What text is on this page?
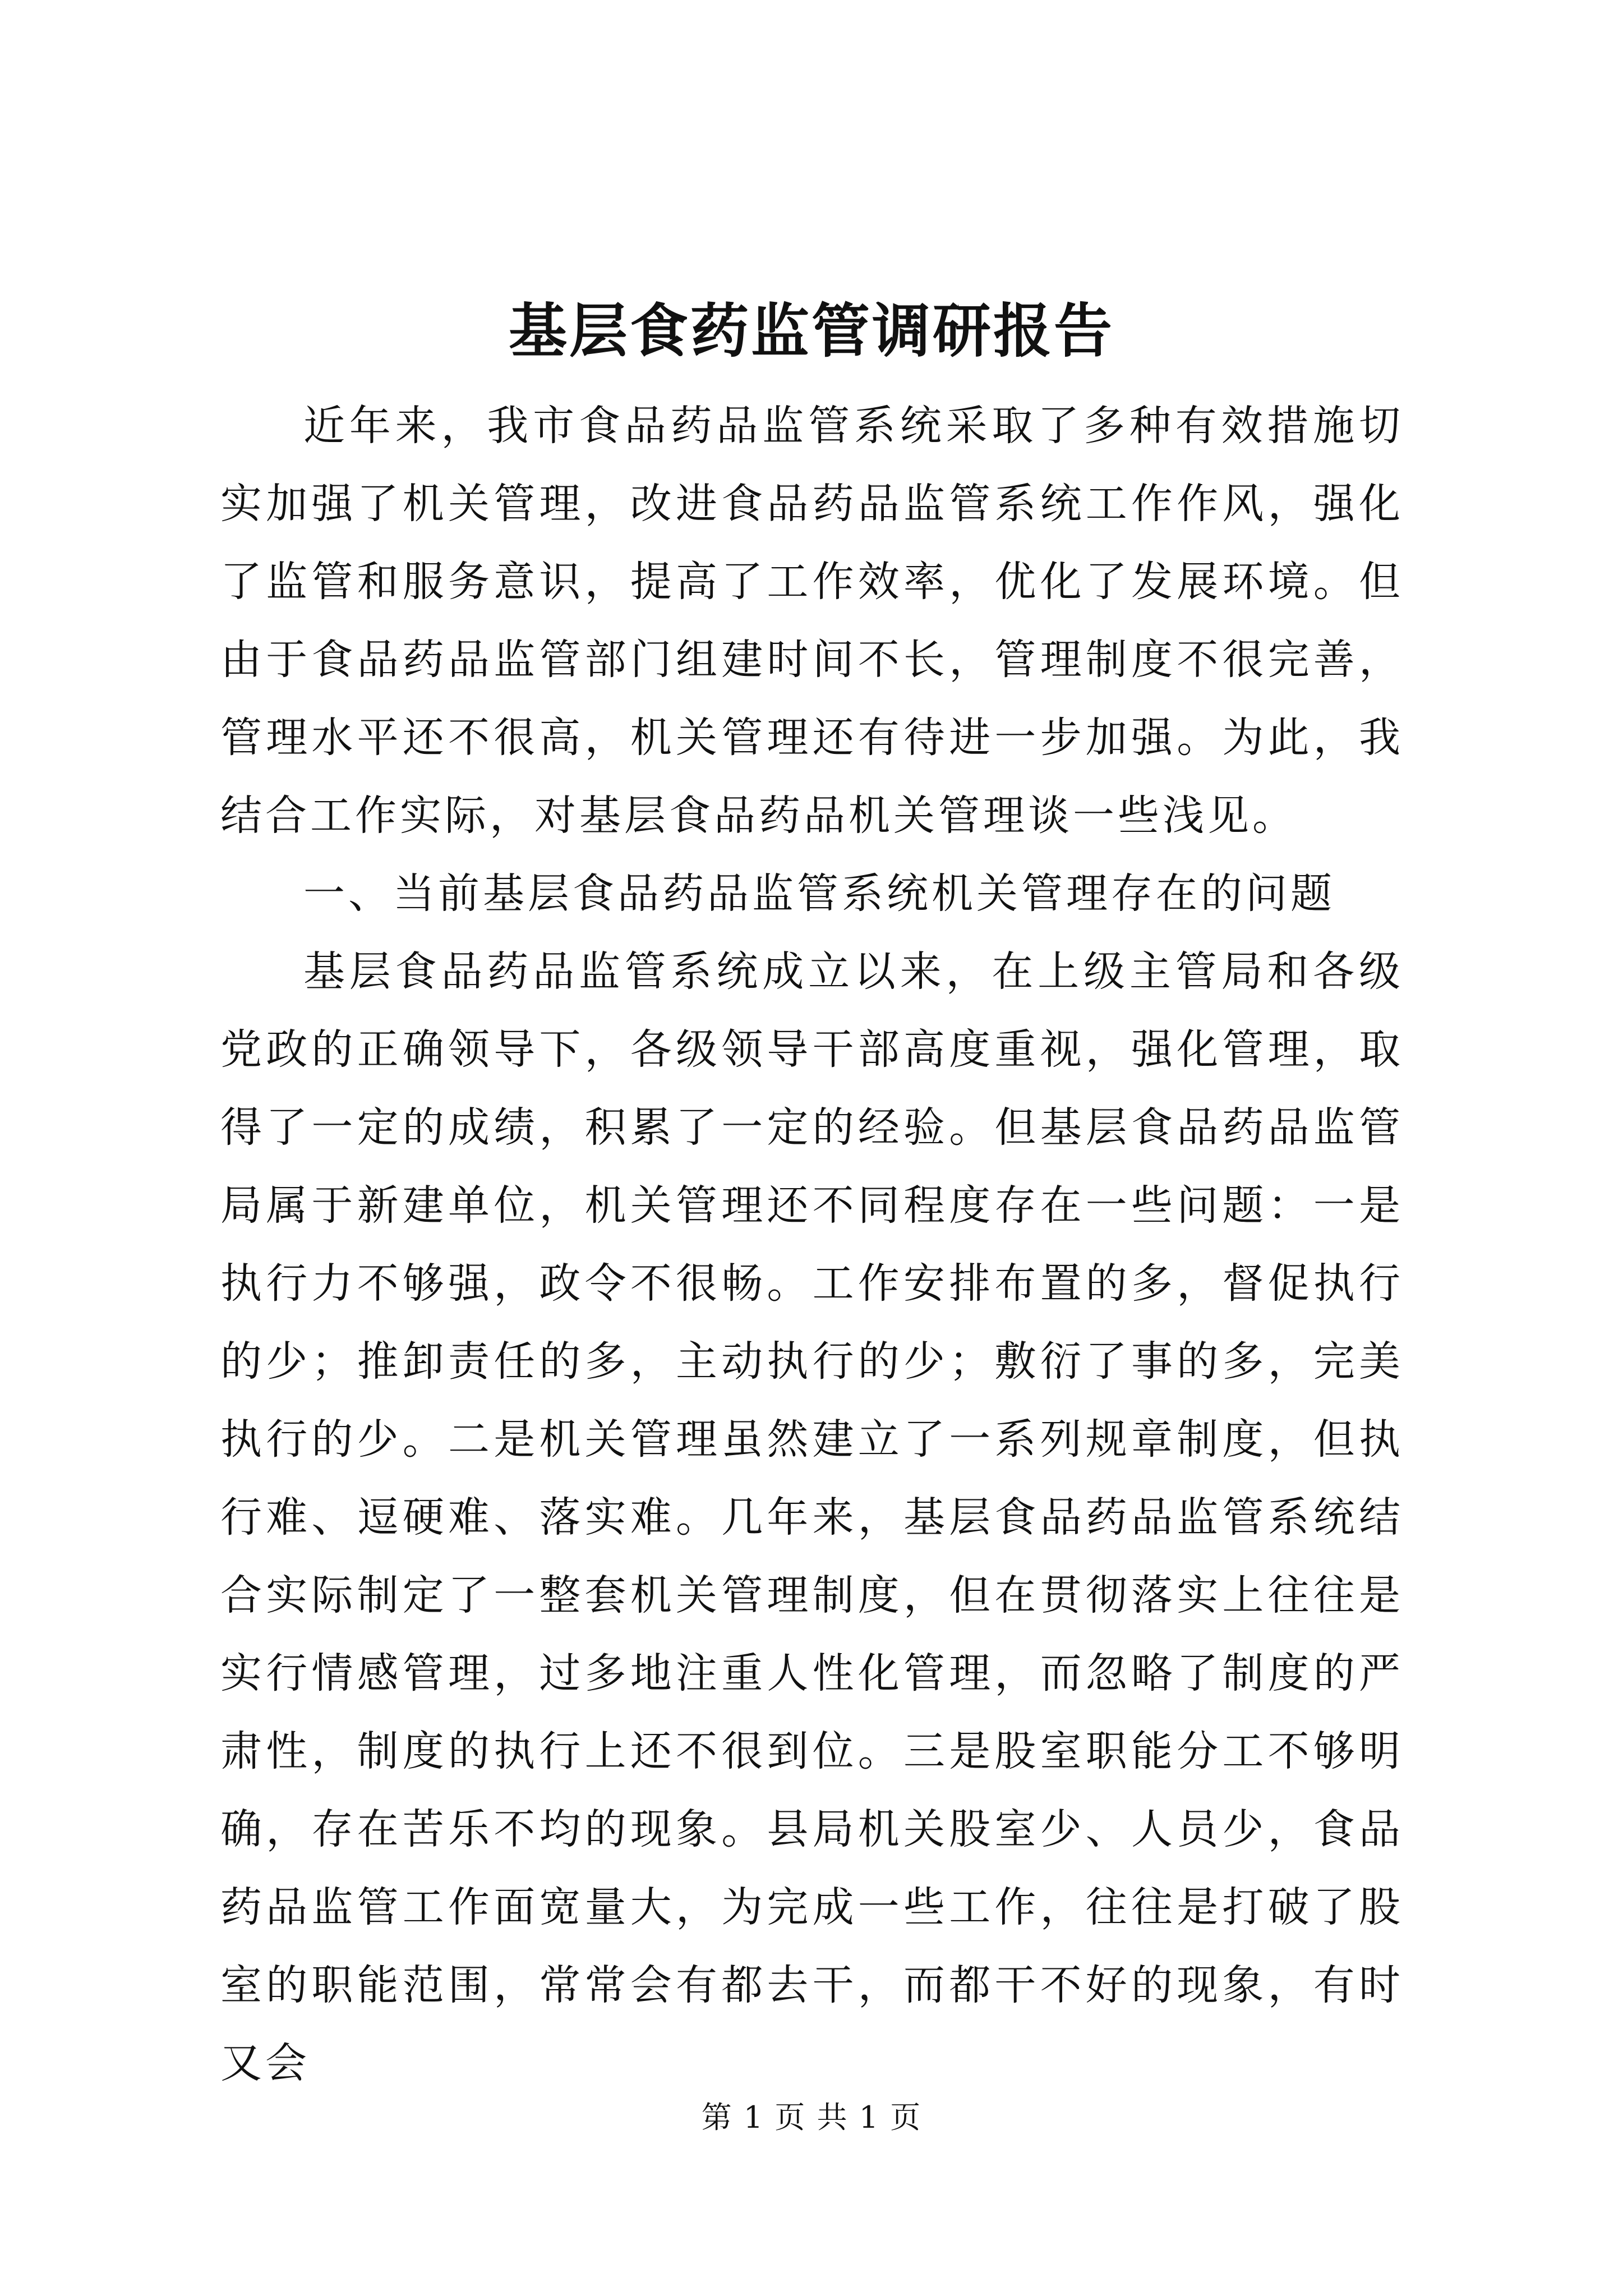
基层食药监管调研报告

近年来，我市食品药品监管系统采取了多种有效措施切实加强了机关管理，改进食品药品监管系统工作作风，强化了监管和服务意识，提高了工作效率，优化了发展环境。但由于食品药品监管部门组建时间不长，管理制度不很完善，管理水平还不很高，机关管理还有待进一步加强。为此，我结合工作实际，对基层食品药品机关管理谈一些浅见。

一、当前基层食品药品监管系统机关管理存在的问题

基层食品药品监管系统成立以来，在上级主管局和各级党政的正确领导下，各级领导干部高度重视，强化管理，取得了一定的成绩，积累了一定的经验。但基层食品药品监管局属于新建单位，机关管理还不同程度存在一些问题：一是执行力不够强，政令不很畅。工作安排布置的多，督促执行的少；推卸责任的多，主动执行的少；敷衍了事的多，完美执行的少。二是机关管理虽然建立了一系列规章制度，但执行难、逗硬难、落实难。几年来，基层食品药品监管系统结合实际制定了一整套机关管理制度，但在贯彻落实上往往是实行情感管理，过多地注重人性化管理，而忽略了制度的严肃性，制度的执行上还不很到位。三是股室职能分工不够明确，存在苦乐不均的现象。县局机关股室少、人员少，食品药品监管工作面宽量大，为完成一些工作，往往是打破了股室的职能范围，常常会有都去干，而都干不好的现象，有时又会

第 1 页 共 1 页
